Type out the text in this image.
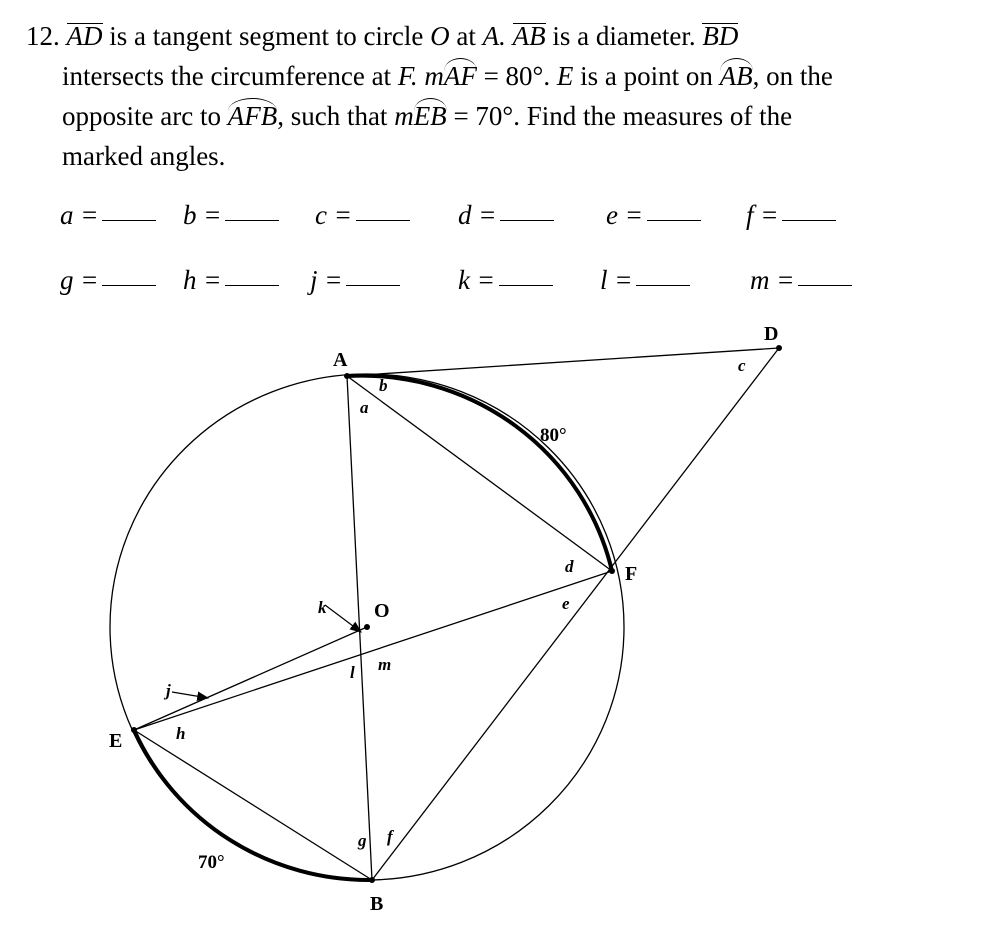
12. AD is a tangent segment to circle O at A. AB is a diameter. BD
intersects the circumference at F. mAF = 80°. E is a point on AB, on the
opposite arc to AFB, such that mEB = 70°. Find the measures of the
marked angles.
a =	b =	c =	d =	e =	f =
g =	h =	j =	k =	l =	m =
A
D
F
E
B
O
a
b
c
d
e
f
g
h
j
k
l m
80°
70°
